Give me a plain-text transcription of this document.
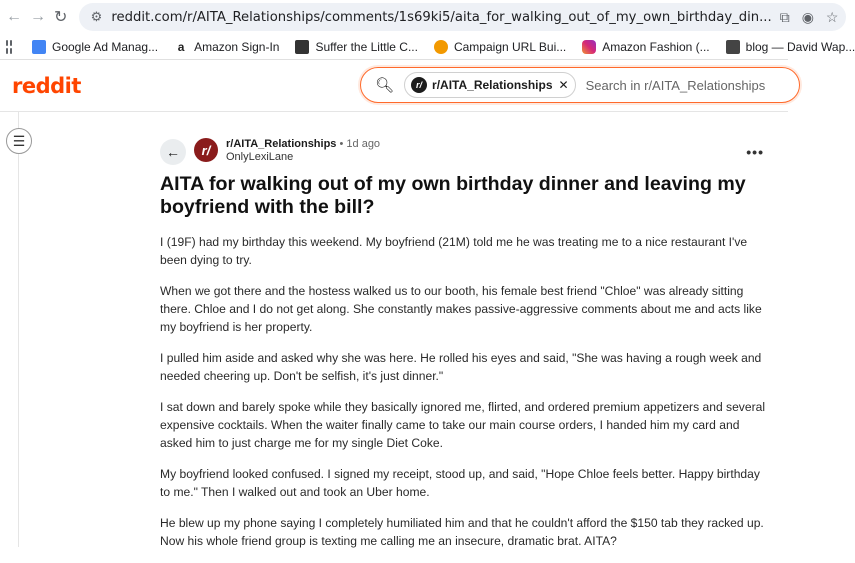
← → ↻ ⚙ reddit.com/r/AITA_Relationships/comments/1s69ki5/aita_for_walking_out_of_my_own_birthday_din... ⧉ ◉ ☆
Google Ad Manag...	a Amazon Sign-In	Suffer the Little C...	Campaign URL Bui...	Amazon Fashion (...	blog — David Wap...
reddit	🔍︎	r/ r/AITA_Relationships ✕
Search in r/AITA_Relationships
☰
←	r/	r/AITA_Relationships • 1d ago
OnlyLexiLane	•••
AITA for walking out of my own birthday dinner and leaving my boyfriend with the bill?

I (19F) had my birthday this weekend. My boyfriend (21M) told me he was treating me to a nice restaurant I've been dying to try.

When we got there and the hostess walked us to our booth, his female best friend "Chloe" was already sitting there. Chloe and I do not get along. She constantly makes passive-aggressive comments about me and acts like my boyfriend is her property.

I pulled him aside and asked why she was here. He rolled his eyes and said, "She was having a rough week and needed cheering up. Don't be selfish, it's just dinner."

I sat down and barely spoke while they basically ignored me, flirted, and ordered premium appetizers and several expensive cocktails. When the waiter finally came to take our main course orders, I handed him my card and asked him to just charge me for my single Diet Coke.

My boyfriend looked confused. I signed my receipt, stood up, and said, "Hope Chloe feels better. Happy birthday to me." Then I walked out and took an Uber home.

He blew up my phone saying I completely humiliated him and that he couldn't afford the $150 tab they racked up. Now his whole friend group is texting me calling me an insecure, dramatic brat. AITA?
